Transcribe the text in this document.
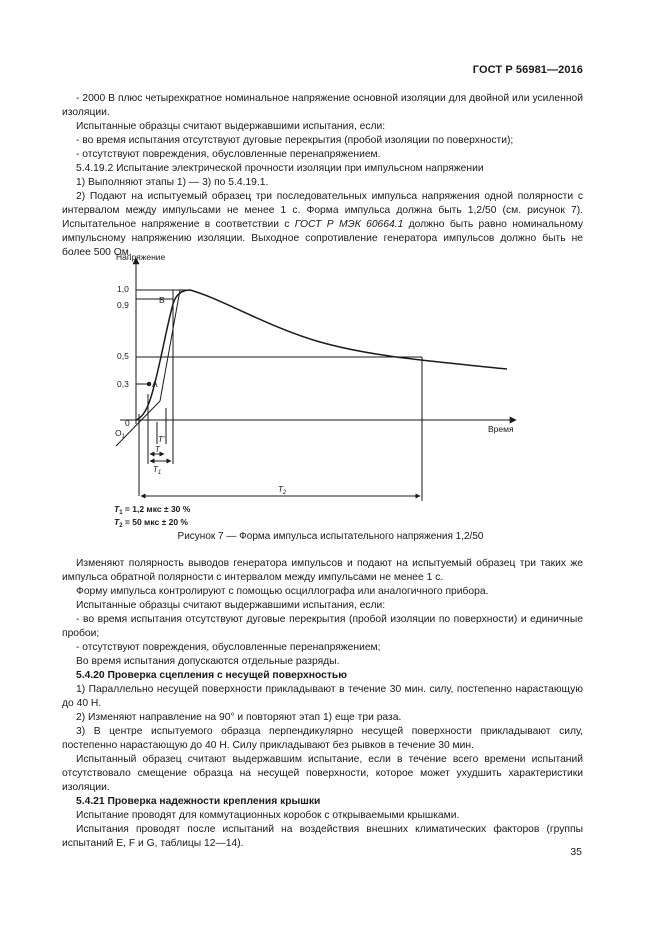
ГОСТ Р 56981—2016

- 2000 В плюс четырехкратное номинальное напряжение основной изоляции для двойной или усиленной изоляции.

Испытанные образцы считают выдержавшими испытания, если:

- во время испытания отсутствуют дуговые перекрытия (пробой изоляции по поверхности);

- отсутствуют повреждения, обусловленные перенапряжением.

5.4.19.2 Испытание электрической прочности изоляции при импульсном напряжении

1) Выполняют этапы 1) — 3) по 5.4.19.1.

2) Подают на испытуемый образец три последовательных импульса напряжения одной полярности с интервалом между импульсами не менее 1 с. Форма импульса должна быть 1,2/50 (см. рисунок 7). Испытательное напряжение в соответствии с ГОСТ Р МЭК 60664.1 должно быть равно номинальному импульсному напряжению изоляции. Выходное сопротивление генератора импульсов должно быть не более 500 Ом.

Напряжение
Время
1,0
0,9
0,5
0,3
0
$O_1$
A
B
T'
T
$T_1$
$T_2$
$T_1 = 1,2$ мкс ± 30 %
$T_2 = 50$ мкс ± 20 %
Рисунок 7 — Форма импульса испытательного напряжения 1,2/50

Изменяют полярность выводов генератора импульсов и подают на испытуемый образец три таких же импульса обратной полярности с интервалом между импульсами не менее 1 с.

Форму импульса контролируют с помощью осциллографа или аналогичного прибора.

Испытанные образцы считают выдержавшими испытания, если:

- во время испытания отсутствуют дуговые перекрытия (пробой изоляции по поверхности) и единичные пробои;

- отсутствуют повреждения, обусловленные перенапряжением;

Во время испытания допускаются отдельные разряды.

5.4.20 Проверка сцепления с несущей поверхностью

1) Параллельно несущей поверхности прикладывают в течение 30 мин. силу, постепенно нарастающую до 40 Н.

2) Изменяют направление на 90° и повторяют этап 1) еще три раза.

3) В центре испытуемого образца перпендикулярно несущей поверхности прикладывают силу, постепенно нарастающую до 40 Н. Силу прикладывают без рывков в течение 30 мин.

Испытанный образец считают выдержавшим испытание, если в течение всего времени испытаний отсутствовало смещение образца на несущей поверхности, которое может ухудшить характеристики изоляции.

5.4.21 Проверка надежности крепления крышки

Испытание проводят для коммутационных коробок с открываемыми крышками.

Испытания проводят после испытаний на воздействия внешних климатических факторов (группы испытаний E, F и G, таблицы 12—14).

35
